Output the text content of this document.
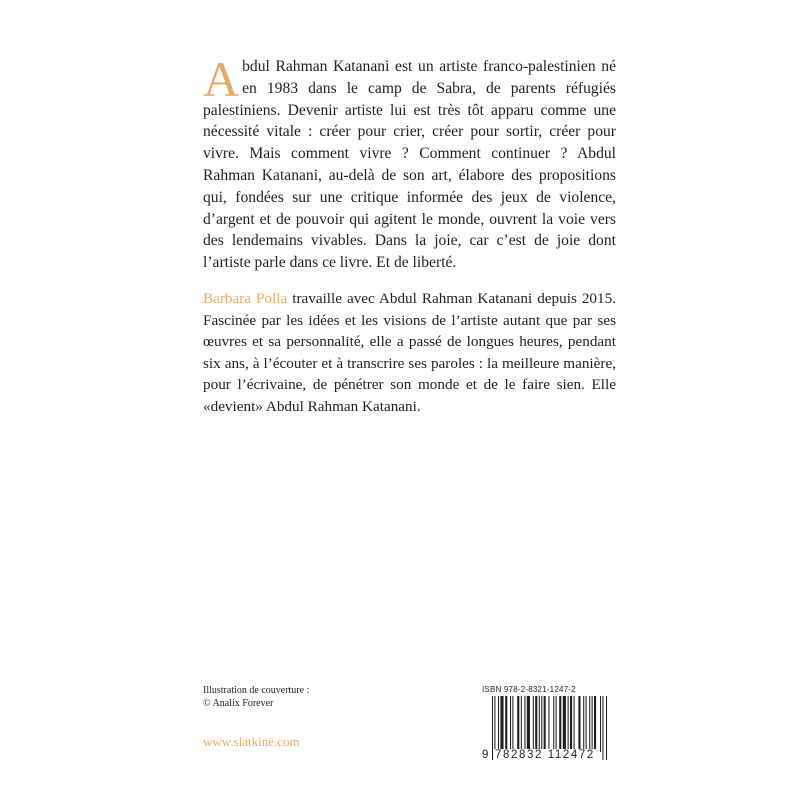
Abdul Rahman Katanani est un artiste franco-palestinien né en 1983 dans le camp de Sabra, de parents réfugiés palestiniens. Devenir artiste lui est très tôt apparu comme une nécessité vitale : créer pour crier, créer pour sortir, créer pour vivre. Mais comment vivre ? Comment continuer ? Abdul Rahman Katanani, au-delà de son art, élabore des propositions qui, fondées sur une critique informée des jeux de violence, d’argent et de pouvoir qui agitent le monde, ouvrent la voie vers des lendemains vivables. Dans la joie, car c’est de joie dont l’artiste parle dans ce livre. Et de liberté.
Barbara Polla travaille avec Abdul Rahman Katanani depuis 2015. Fascinée par les idées et les visions de l’artiste autant que par ses œuvres et sa personnalité, elle a passé de longues heures, pendant six ans, à l’écouter et à transcrire ses paroles : la meilleure manière, pour l’écrivaine, de pénétrer son monde et de le faire sien. Elle «devient» Abdul Rahman Katanani.
Illustration de couverture :
© Analix Forever
www.slatkine.com
ISBN 978-2-8321-1247-2
9 782832 112472
